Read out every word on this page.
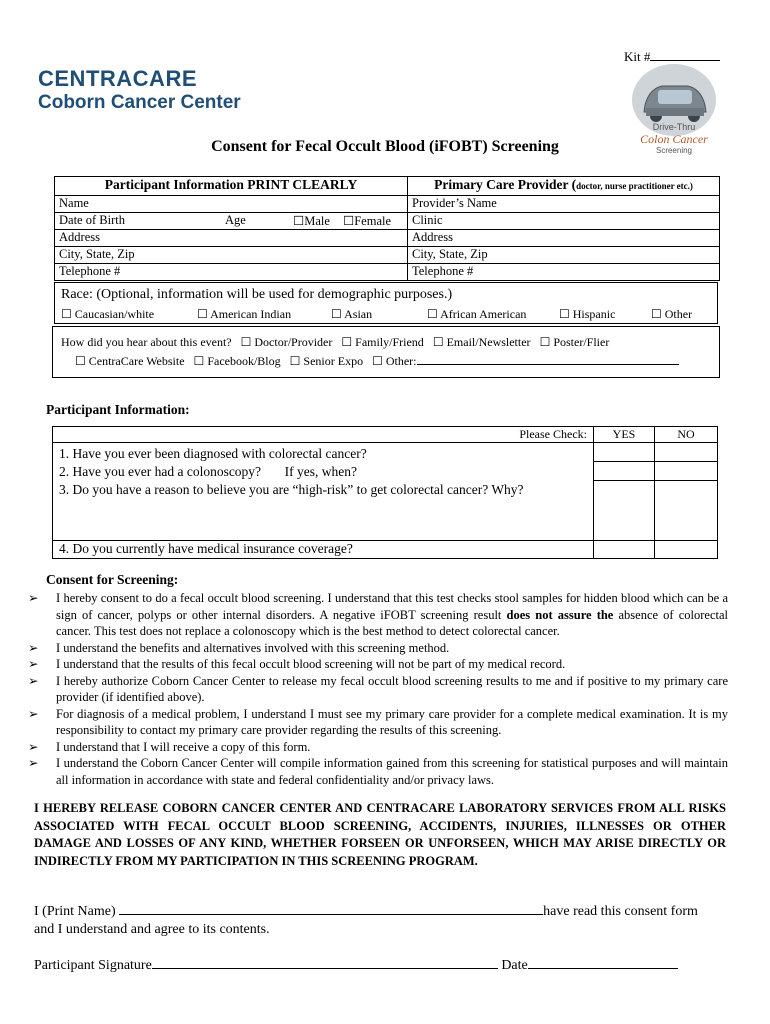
Kit #
CENTRACARE
Coborn Cancer Center
Drive-Thru
Colon Cancer
Screening
Consent for Fecal Occult Blood (iFOBT) Screening
Participant Information PRINT CLEARLY	Primary Care Provider (doctor, nurse practitioner etc.)
Name	Provider’s Name
Date of Birth Age ☐Male ☐Female	Clinic
Address	Address
City, State, Zip	City, State, Zip
Telephone #	Telephone #
Race: (Optional, information will be used for demographic purposes.)
☐ Caucasian/white	☐ American Indian	☐ Asian	☐ African American	☐ Hispanic	☐ Other
How did you hear about this event? ☐ Doctor/Provider ☐ Family/Friend ☐ Email/Newsletter ☐ Poster/Flier
☐ CentraCare Website ☐ Facebook/Blog ☐ Senior Expo ☐ Other:
Participant Information:
Please Check:	YES	NO

1. Have you ever been diagnosed with colorectal cancer?
2. Have you ever had a colonoscopy?       If yes, when?
3. Do you have a reason to believe you are “high-risk” to get colorectal cancer? Why?		

4. Do you currently have medical insurance coverage?		
Consent for Screening:
➢ I hereby consent to do a fecal occult blood screening. I understand that this test checks stool samples for hidden blood which can be a sign of cancer, polyps or other internal disorders. A negative iFOBT screening result does not assure the absence of colorectal cancer. This test does not replace a colonoscopy which is the best method to detect colorectal cancer.
➢ I understand the benefits and alternatives involved with this screening method.
➢ I understand that the results of this fecal occult blood screening will not be part of my medical record.
➢ I hereby authorize Coborn Cancer Center to release my fecal occult blood screening results to me and if positive to my primary care provider (if identified above).
➢ For diagnosis of a medical problem, I understand I must see my primary care provider for a complete medical examination. It is my responsibility to contact my primary care provider regarding the results of this screening.
➢ I understand that I will receive a copy of this form.
➢ I understand the Coborn Cancer Center will compile information gained from this screening for statistical purposes and will maintain all information in accordance with state and federal confidentiality and/or privacy laws.
I HEREBY RELEASE COBORN CANCER CENTER AND CENTRACARE LABORATORY SERVICES FROM ALL RISKS ASSOCIATED WITH FECAL OCCULT BLOOD SCREENING, ACCIDENTS, INJURIES, ILLNESSES OR OTHER DAMAGE AND LOSSES OF ANY KIND, WHETHER FORSEEN OR UNFORSEEN, WHICH MAY ARISE DIRECTLY OR INDIRECTLY FROM MY PARTICIPATION IN THIS SCREENING PROGRAM.
I (Print Name)	have read this consent form
and I understand and agree to its contents.
Participant Signature	Date
